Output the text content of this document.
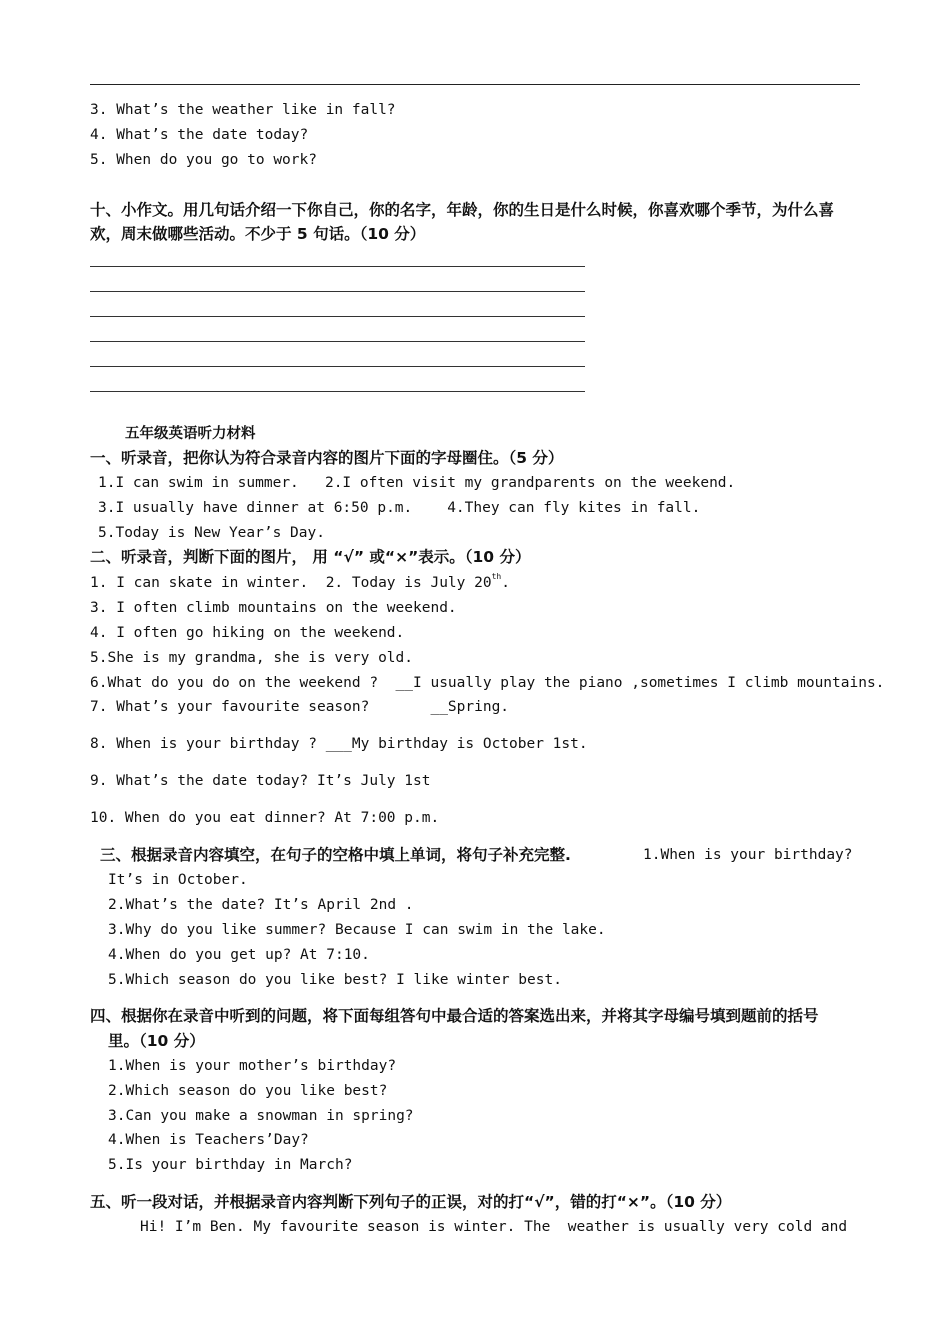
3. What’s the weather like in fall?
4. What’s the date today?
5. When do you go to work?
十、小作文。用几句话介绍一下你自己，你的名字，年龄，你的生日是什么时候，你喜欢哪个季节，为什么喜
欢，周末做哪些活动。不少于 5 句话。（10 分）
五年级英语听力材料
一、听录音，把你认为符合录音内容的图片下面的字母圈住。（5 分）
1.I can swim in summer.   2.I often visit my grandparents on the weekend.
3.I usually have dinner at 6:50 p.m.    4.They can fly kites in fall.
5.Today is New Year’s Day.
二、听录音，判断下面的图片， 用 “√” 或“×”表示。（10 分）
1. I can skate in winter.  2. Today is July 20th.
3. I often climb mountains on the weekend.
4. I often go hiking on the weekend.
5.She is my grandma, she is very old.
6.What do you do on the weekend ?  __I usually play the piano ,sometimes I climb mountains.
7. What’s your favourite season?       __Spring.
8. When is your birthday ? ___My birthday is October 1st.
9. What’s the date today? It’s July 1st
10. When do you eat dinner? At 7:00 p.m.
三、根据录音内容填空，在句子的空格中填上单词，将句子补充完整.	1.When is your birthday?
It’s in October.
2.What’s the date? It’s April 2nd .
3.Why do you like summer? Because I can swim in the lake.
4.When do you get up? At 7:10.
5.Which season do you like best? I like winter best.
四、根据你在录音中听到的问题，将下面每组答句中最合适的答案选出来，并将其字母编号填到题前的括号
里。（10 分）
1.When is your mother’s birthday?
2.Which season do you like best?
3.Can you make a snowman in spring?
4.When is Teachers’Day?
5.Is your birthday in March?
五、听一段对话，并根据录音内容判断下列句子的正误，对的打“√”，错的打“×”。（10 分）
Hi! I’m Ben. My favourite season is winter. The  weather is usually very cold and
